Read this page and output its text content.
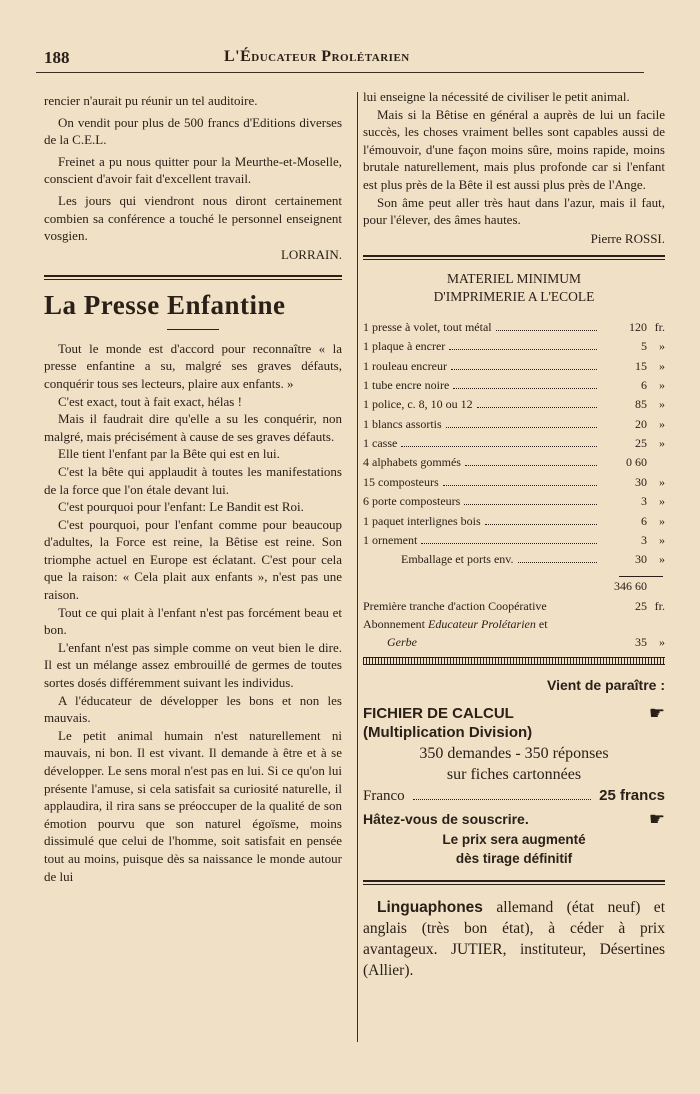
188	L'Éducateur Prolétarien

rencier n'aurait pu réunir un tel auditoire.

On vendit pour plus de 500 francs d'Editions diverses de la C.E.L.

Freinet a pu nous quitter pour la Meurthe-et-Moselle, conscient d'avoir fait d'excellent travail.

Les jours qui viendront nous diront certainement combien sa conférence a touché le personnel enseignent vosgien.

LORRAIN.
La Presse Enfantine

Tout le monde est d'accord pour reconnaître « la presse enfantine a su, malgré ses graves défauts, conquérir tous ses lecteurs, plaire aux enfants. »

C'est exact, tout à fait exact, hélas !

Mais il faudrait dire qu'elle a su les conquérir, non malgré, mais précisément à cause de ses graves défauts.

Elle tient l'enfant par la Bête qui est en lui.

C'est la bête qui applaudit à toutes les manifestations de la force que l'on étale devant lui.

C'est pourquoi pour l'enfant: Le Bandit est Roi.

C'est pourquoi, pour l'enfant comme pour beaucoup d'adultes, la Force est reine, la Bêtise est reine. Son triomphe actuel en Europe est éclatant. C'est pour cela que la raison: « Cela plait aux enfants », n'est pas une raison.

Tout ce qui plait à l'enfant n'est pas forcément beau et bon.

L'enfant n'est pas simple comme on veut bien le dire. Il est un mélange assez embrouillé de germes de toutes sortes dosés différemment suivant les individus.

A l'éducateur de développer les bons et non les mauvais.

Le petit animal humain n'est naturellement ni mauvais, ni bon. Il est vivant. Il demande à être et à se développer. Le sens moral n'est pas en lui. Si ce qu'on lui présente l'amuse, si cela satisfait sa curiosité naturelle, il applaudira, il rira sans se préoccuper de la qualité de son émotion pourvu que son naturel égoïsme, moins dissimulé que celui de l'homme, soit satisfait en pensée tout au moins, puisque dès sa naissance le monde autour de lui

lui enseigne la nécessité de civiliser le petit animal.

Mais si la Bêtise en général a auprès de lui un facile succès, les choses vraiment belles sont capables aussi de l'émouvoir, d'une façon moins sûre, moins rapide, moins brutale naturellement, mais plus profonde car si l'enfant est plus près de la Bête il est aussi plus près de l'Ange.

Son âme peut aller très haut dans l'azur, mais il faut, pour l'élever, des âmes hautes.

Pierre ROSSI.
MATERIEL MINIMUM
D'IMPRIMERIE A L'ECOLE
1 presse à volet, tout métal	120 fr.
1 plaque à encrer	5	»
1 rouleau encreur	15	»
1 tube encre noire	6	»
1 police, c. 8, 10 ou 12	85	»
1 blancs assortis	20	»
1 casse	25	»
4 alphabets gommés	0 60
15 composteurs	30	»
6 porte composteurs	3	»
1 paquet interlignes bois	6	»
1 ornement	3	»
Emballage et ports env.	30	»
346 60
Première tranche d'action Coopérative	25 fr.
Abonnement Educateur Prolétarien et
Gerbe	35	»
Vient de paraître :
FICHIER DE CALCUL	☛
(Multiplication Division)
350 demandes - 350 réponses
sur fiches cartonnées
Franco	25 francs
Hâtez-vous de souscrire.	☛
Le prix sera augmenté
dès tirage définitif
Linguaphones allemand (état neuf) et anglais (très bon état), à céder à prix avantageux. JUTIER, instituteur, Désertines (Allier).
